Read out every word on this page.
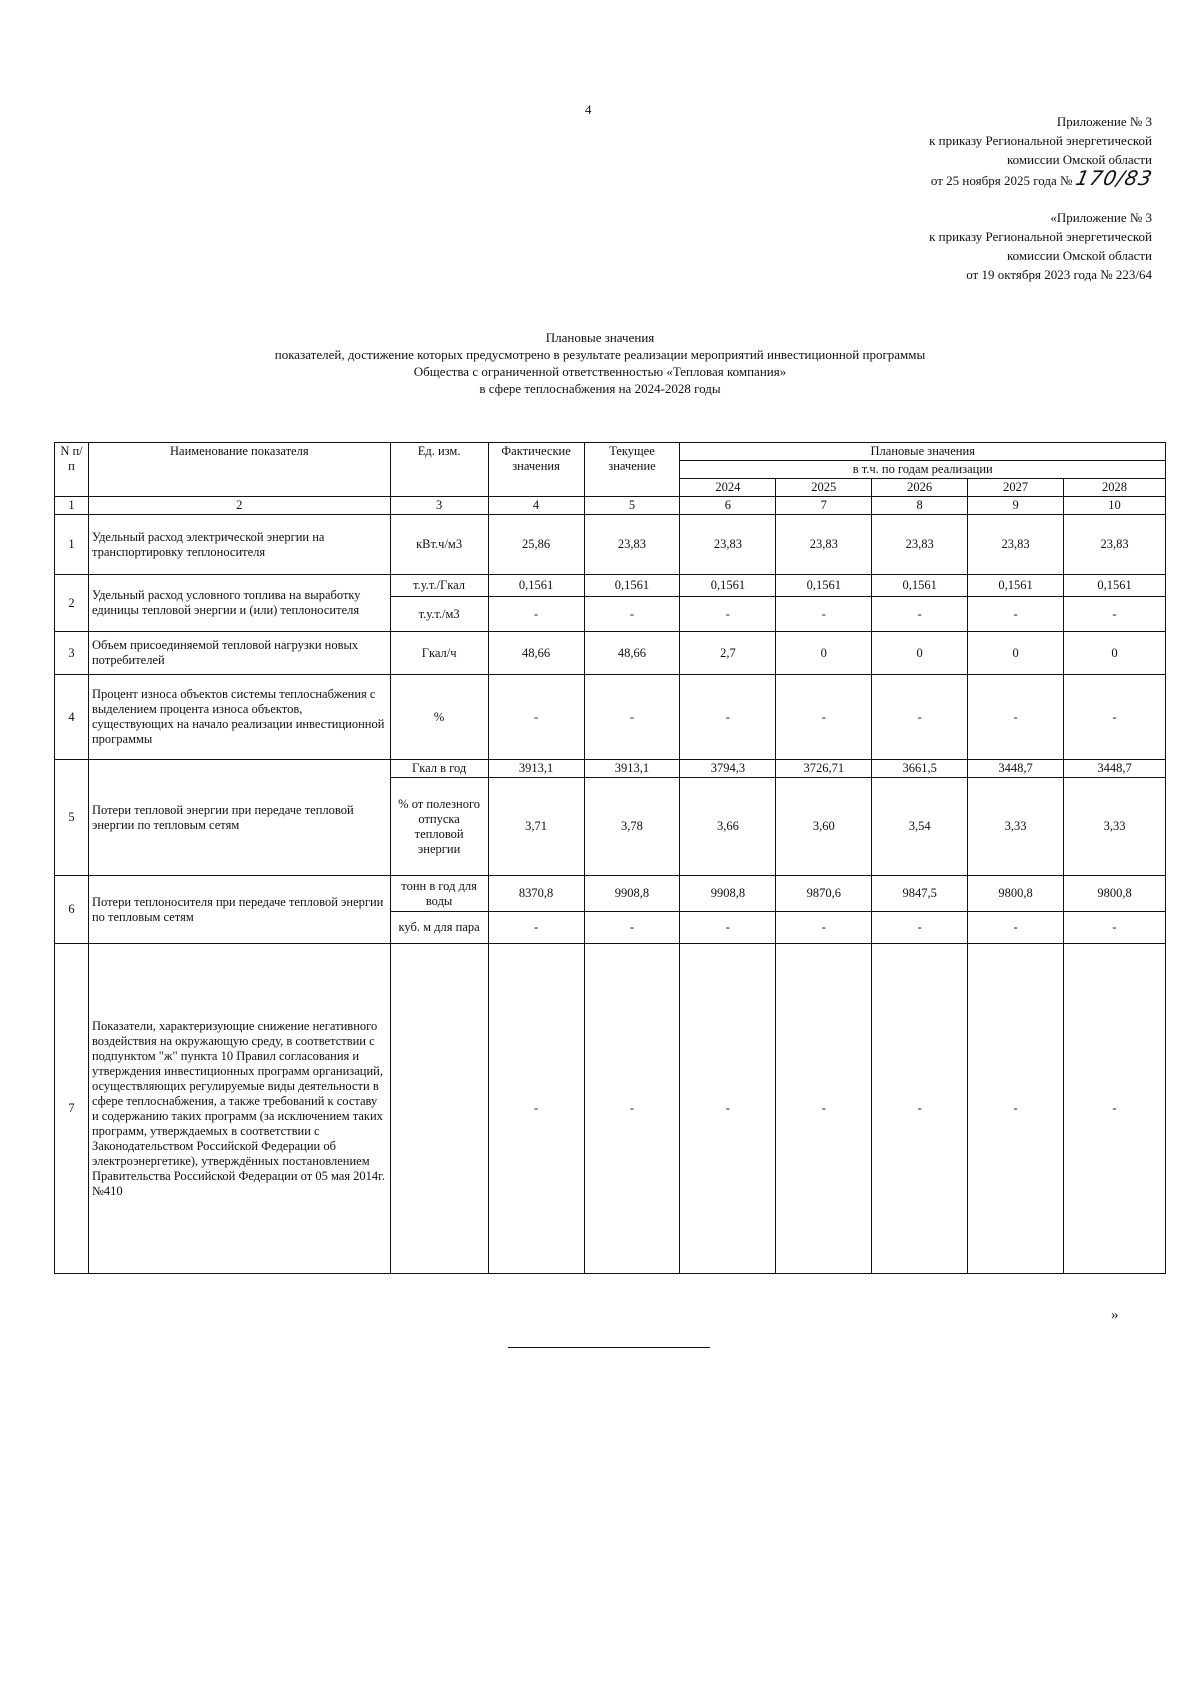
4
Приложение № 3
к приказу Региональной энергетической
комиссии Омской области
от 25 ноября 2025 года № 170/83
«Приложение № 3
к приказу Региональной энергетической
комиссии Омской области
от 19 октября 2023 года № 223/64
Плановые значения
показателей, достижение которых предусмотрено в результате реализации мероприятий инвестиционной программы
Общества с ограниченной ответственностью «Тепловая компания»
в сфере теплоснабжения на 2024-2028 годы
N п/п	Наименование показателя	Ед. изм.	Фактические значения	Текущее значение	Плановые значения				
					в т.ч. по годам реализации				
					2024	2025	2026	2027	2028
1	2	3	4	5	6	7	8	9	10
1	Удельный расход электрической энергии на транспортировку теплоносителя	кВт.ч/м3	25,86	23,83	23,83	23,83	23,83	23,83	23,83
2	Удельный расход условного топлива на выработку единицы тепловой энергии и (или) теплоносителя	т.у.т./Гкал	0,1561	0,1561	0,1561	0,1561	0,1561	0,1561	0,1561
		т.у.т./м3	-	-	-	-	-	-	-
3	Объем присоединяемой тепловой нагрузки новых потребителей	Гкал/ч	48,66	48,66	2,7	0	0	0	0
4	Процент износа объектов системы теплоснабжения с выделением процента износа объектов, существующих на начало реализации инвестиционной программы	%	-	-	-	-	-	-	-
5	Потери тепловой энергии при передаче тепловой энергии по тепловым сетям	Гкал в год	3913,1	3913,1	3794,3	3726,71	3661,5	3448,7	3448,7
		% от полезного отпуска тепловой энергии	3,71	3,78	3,66	3,60	3,54	3,33	3,33
6	Потери теплоносителя при передаче тепловой энергии по тепловым сетям	тонн в год для воды	8370,8	9908,8	9908,8	9870,6	9847,5	9800,8	9800,8
		куб. м для пара	-	-	-	-	-	-	-
7	Показатели, характеризующие снижение негативного воздействия на окружающую среду, в соответствии с подпунктом "ж" пункта 10 Правил согласования и утверждения инвестиционных программ организаций, осуществляющих регулируемые виды деятельности в сфере теплоснабжения, а также требований к составу и содержанию таких программ (за исключением таких программ, утверждаемых в соответствии с Законодательством Российской Федерации об электроэнергетике), утверждённых постановлением Правительства Российской Федерации от 05 мая 2014г. №410		-	-	-	-	-	-	-
»
